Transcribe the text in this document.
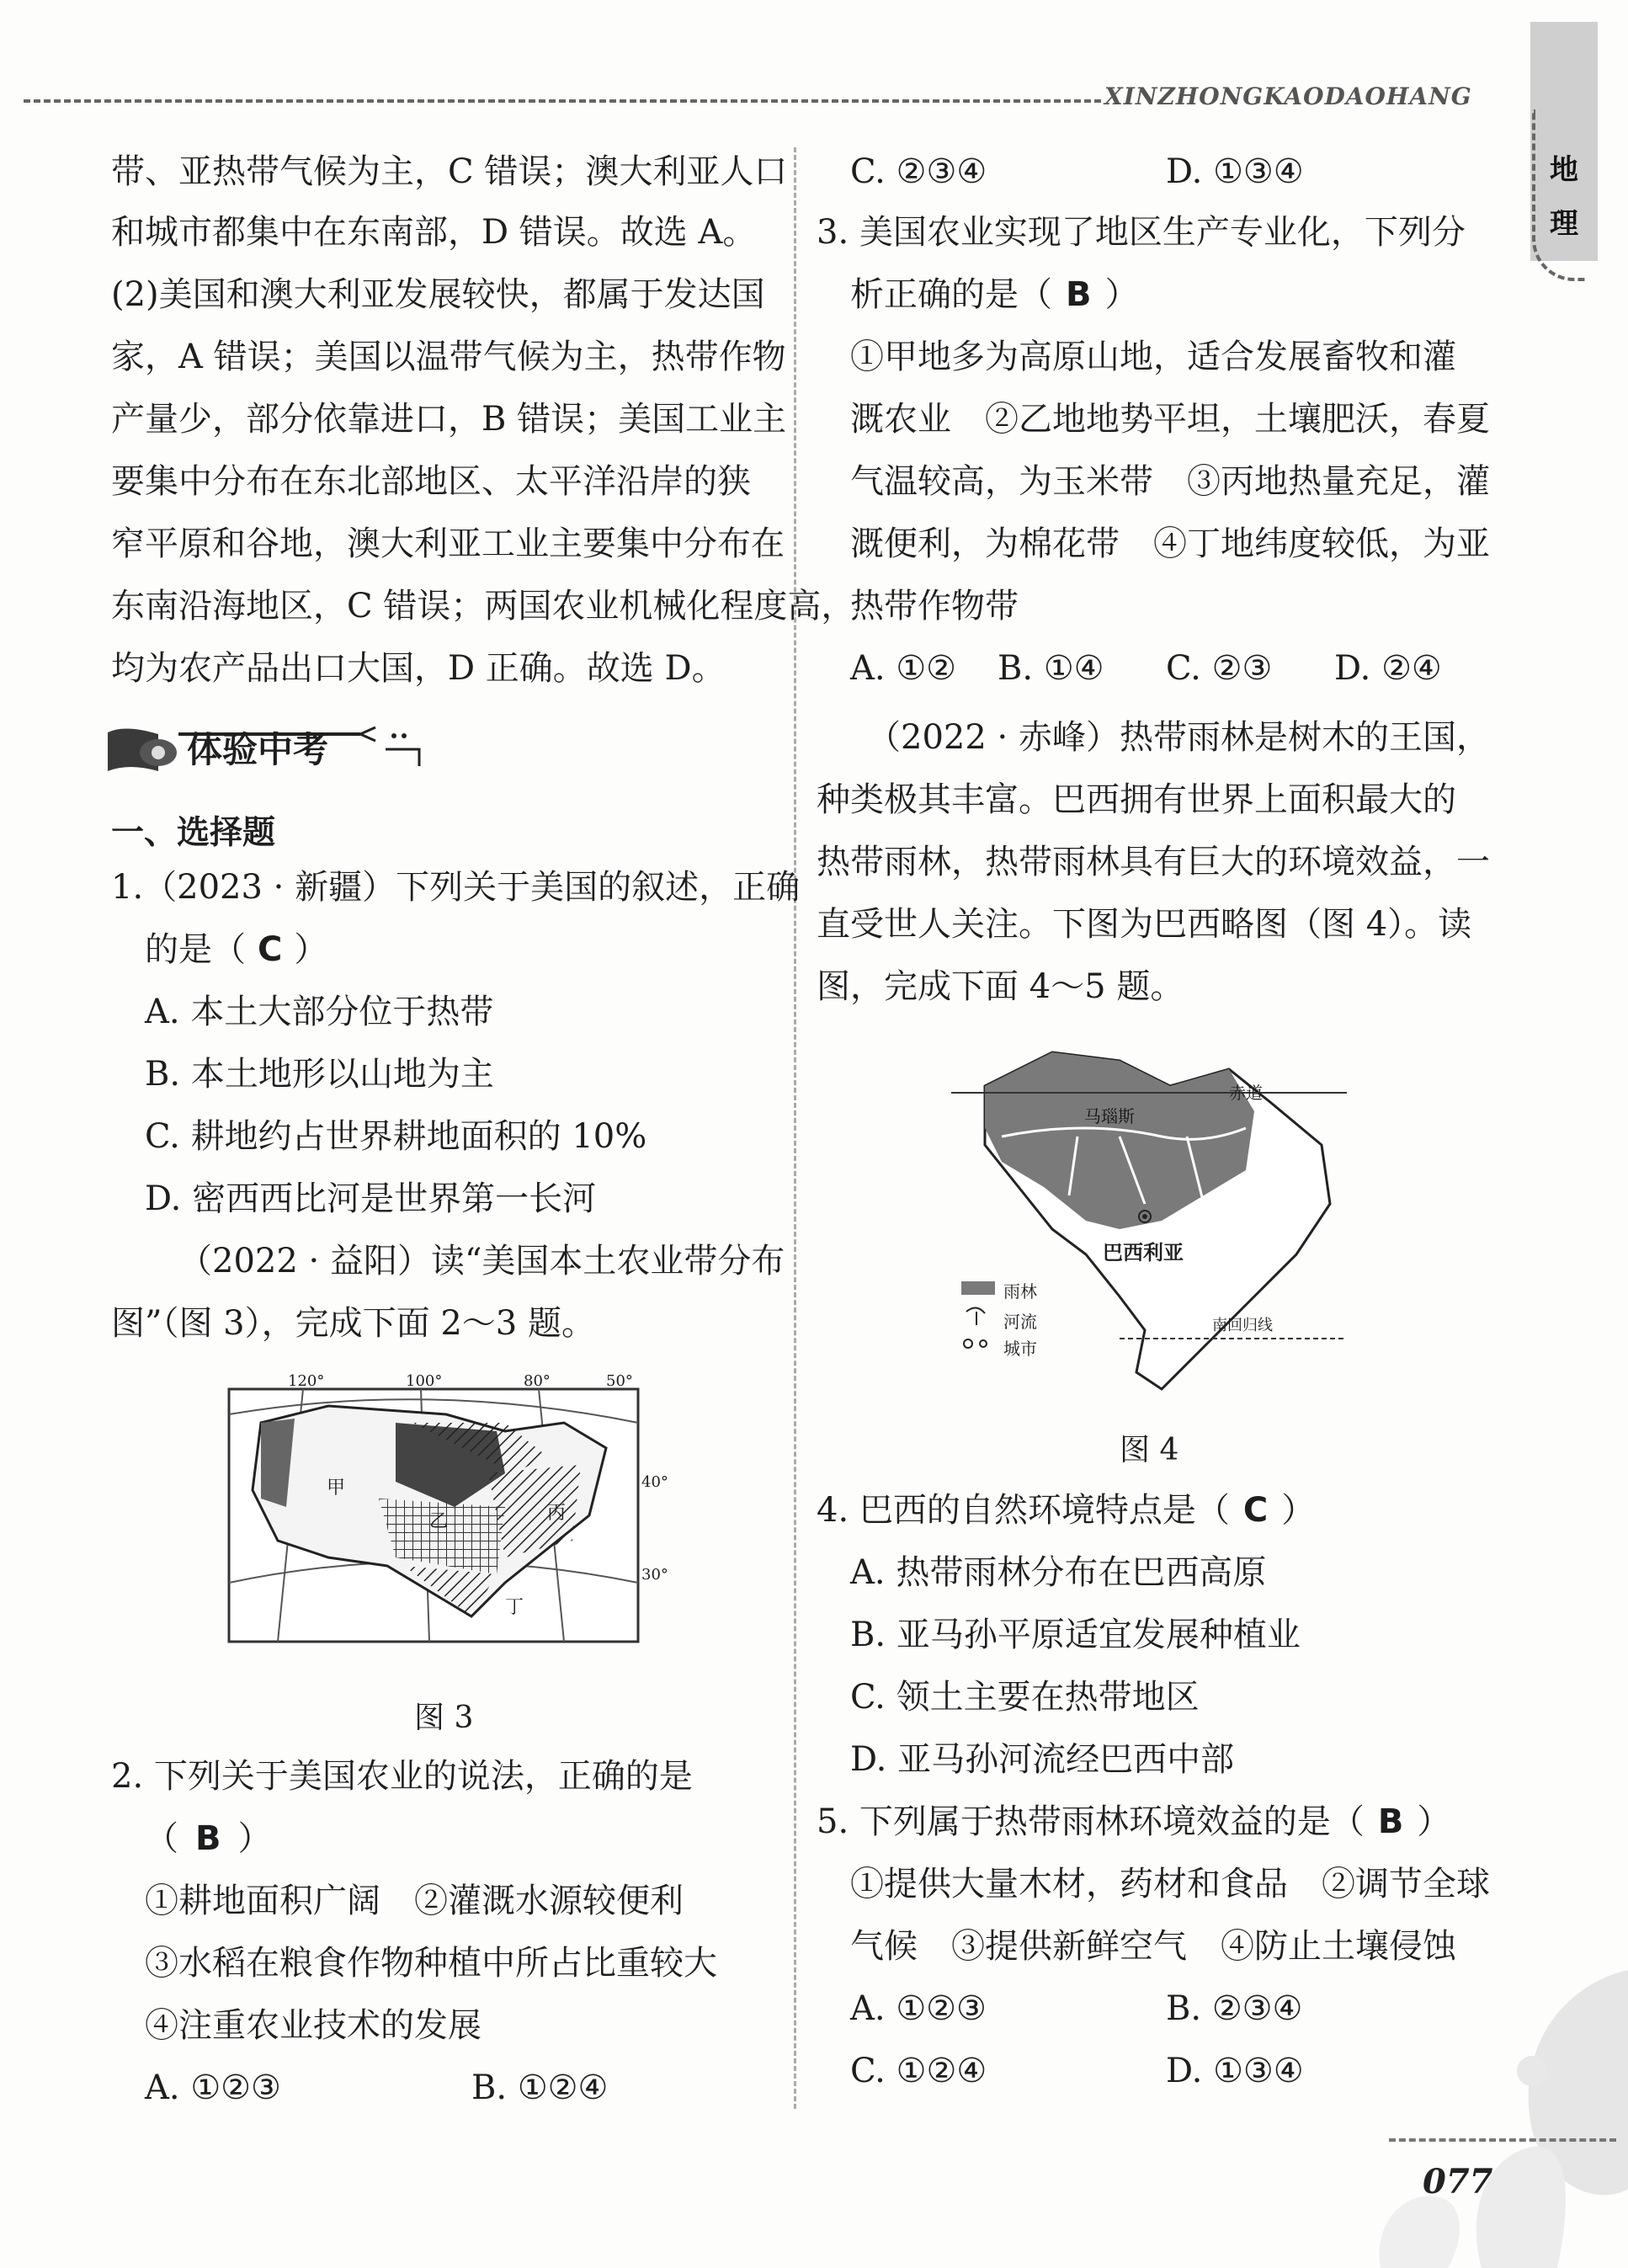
XINZHONGKAODAOHANG
地
理
带、亚热带气候为主，C 错误；澳大利亚人口
和城市都集中在东南部，D 错误。故选 A。
(2)美国和澳大利亚发展较快，都属于发达国
家，A 错误；美国以温带气候为主，热带作物
产量少，部分依靠进口，B 错误；美国工业主
要集中分布在东北部地区、太平洋沿岸的狭
窄平原和谷地，澳大利亚工业主要集中分布在
东南沿海地区，C 错误；两国农业机械化程度高，
均为农产品出口大国，D 正确。故选 D。
体验中考
一、选择题
1.（2023 · 新疆）下列关于美国的叙述，正确
的是（ C ）
A. 本土大部分位于热带
B. 本土地形以山地为主
C. 耕地约占世界耕地面积的 10%
D. 密西西比河是世界第一长河
（2022 · 益阳）读“美国本土农业带分布
图”（图 3），完成下面 2～3 题。
120°	100°	80°	50°
40°
30°
甲
乙	丙
丁
图 3
2. 下列关于美国农业的说法，正确的是
（ B ）
①耕地面积广阔　②灌溉水源较便利
③水稻在粮食作物种植中所占比重较大
④注重农业技术的发展
A. ①②③	B. ①②④
C. ②③④	D. ①③④
3. 美国农业实现了地区生产专业化，下列分
析正确的是（ B ）
①甲地多为高原山地，适合发展畜牧和灌
溉农业　②乙地地势平坦，土壤肥沃，春夏
气温较高，为玉米带　③丙地热量充足，灌
溉便利，为棉花带　④丁地纬度较低，为亚
热带作物带
A. ①② B. ①④ C. ②③ D. ②④
（2022 · 赤峰）热带雨林是树木的王国，
种类极其丰富。巴西拥有世界上面积最大的
热带雨林，热带雨林具有巨大的环境效益，一
直受世人关注。下图为巴西略图（图 4）。读
图，完成下面 4～5 题。
赤道
马瑙斯
巴西利亚
南回归线
雨林
河流
城市
图 4
4. 巴西的自然环境特点是（ C ）
A. 热带雨林分布在巴西高原
B. 亚马孙平原适宜发展种植业
C. 领土主要在热带地区
D. 亚马孙河流经巴西中部
5. 下列属于热带雨林环境效益的是（ B ）
①提供大量木材，药材和食品　②调节全球
气候　③提供新鲜空气　④防止土壤侵蚀
A. ①②③	B. ②③④
C. ①②④	D. ①③④
077
